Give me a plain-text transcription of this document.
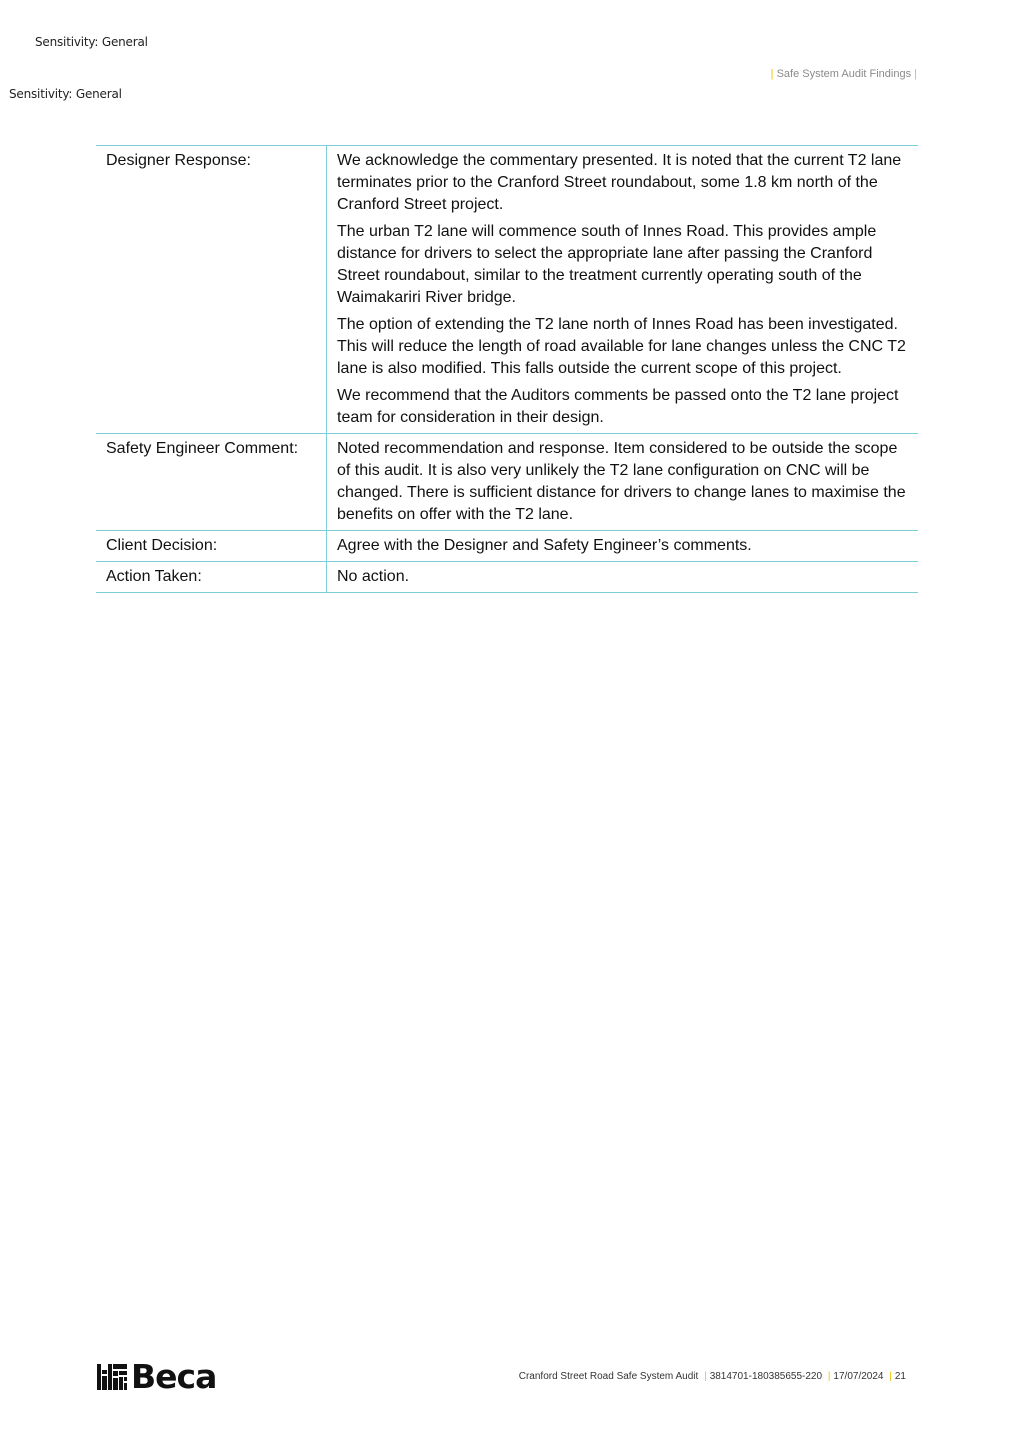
Sensitivity: General
Sensitivity: General
| Safe System Audit Findings |
Designer Response:	We acknowledge the commentary presented. It is noted that the current T2 lane terminates prior to the Cranford Street roundabout, some 1.8 km north of the Cranford Street project.

The urban T2 lane will commence south of Innes Road. This provides ample distance for drivers to select the appropriate lane after passing the Cranford Street roundabout, similar to the treatment currently operating south of the Waimakariri River bridge.

The option of extending the T2 lane north of Innes Road has been investigated. This will reduce the length of road available for lane changes unless the CNC T2 lane is also modified. This falls outside the current scope of this project.

We recommend that the Auditors comments be passed onto the T2 lane project team for consideration in their design.

Safety Engineer Comment:	Noted recommendation and response. Item considered to be outside the scope of this audit. It is also very unlikely the T2 lane configuration on CNC will be changed. There is sufficient distance for drivers to change lanes to maximise the benefits on offer with the T2 lane.

Client Decision:	Agree with the Designer and Safety Engineer’s comments.

Action Taken:	No action.

Beca	Cranford Street Road Safe System Audit | 3814701-180385655-220 | 17/07/2024 | 21
